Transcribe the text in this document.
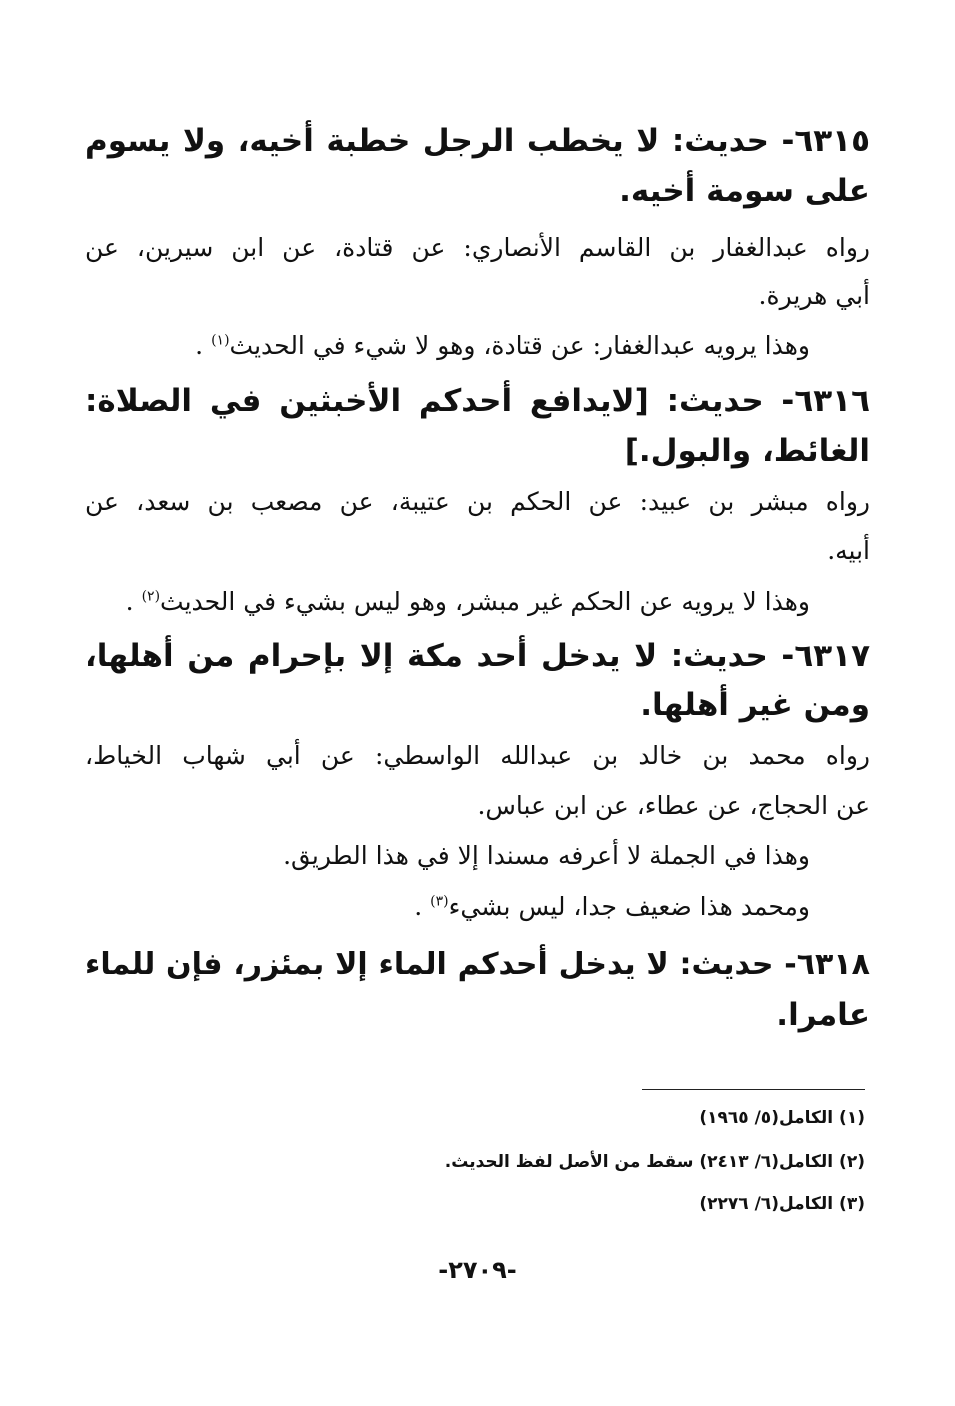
٦٣١٥- حديث: لا يخطب الرجل خطبة أخيه، ولا يسوم
على سومة أخيه.
رواه عبدالغفار بن القاسم الأنصاري: عن قتادة، عن ابن سيرين، عن
أبي هريرة.
وهذا يرويه عبدالغفار: عن قتادة، وهو لا شيء في الحديث$^{(١)}$ .
٦٣١٦- حديث: [لايدافع أحدكم الأخبثين في الصلاة:
الغائط، والبول.]
رواه مبشر بن عبيد: عن الحكم بن عتيبة، عن مصعب بن سعد، عن
أبيه.
وهذا لا يرويه عن الحكم غير مبشر، وهو ليس بشيء في الحديث$^{(٢)}$ .
٦٣١٧- حديث: لا يدخل أحد مكة إلا بإحرام من أهلها،
ومن غير أهلها.
رواه محمد بن خالد بن عبدالله الواسطي: عن أبي شهاب الخياط،
عن الحجاج، عن عطاء، عن ابن عباس.
وهذا في الجملة لا أعرفه مسندا إلا في هذا الطريق.
ومحمد هذا ضعيف جدا، ليس بشيء$^{(٣)}$ .
٦٣١٨- حديث: لا يدخل أحدكم الماء إلا بمئزر، فإن للماء
عامرا.
(١) الكامل(٥/ ١٩٦٥)
(٢) الكامل(٦/ ٢٤١٣) سقط من الأصل لفظ الحديث.
(٣) الكامل(٦/ ٢٢٧٦)
-٢٧٠٩-
